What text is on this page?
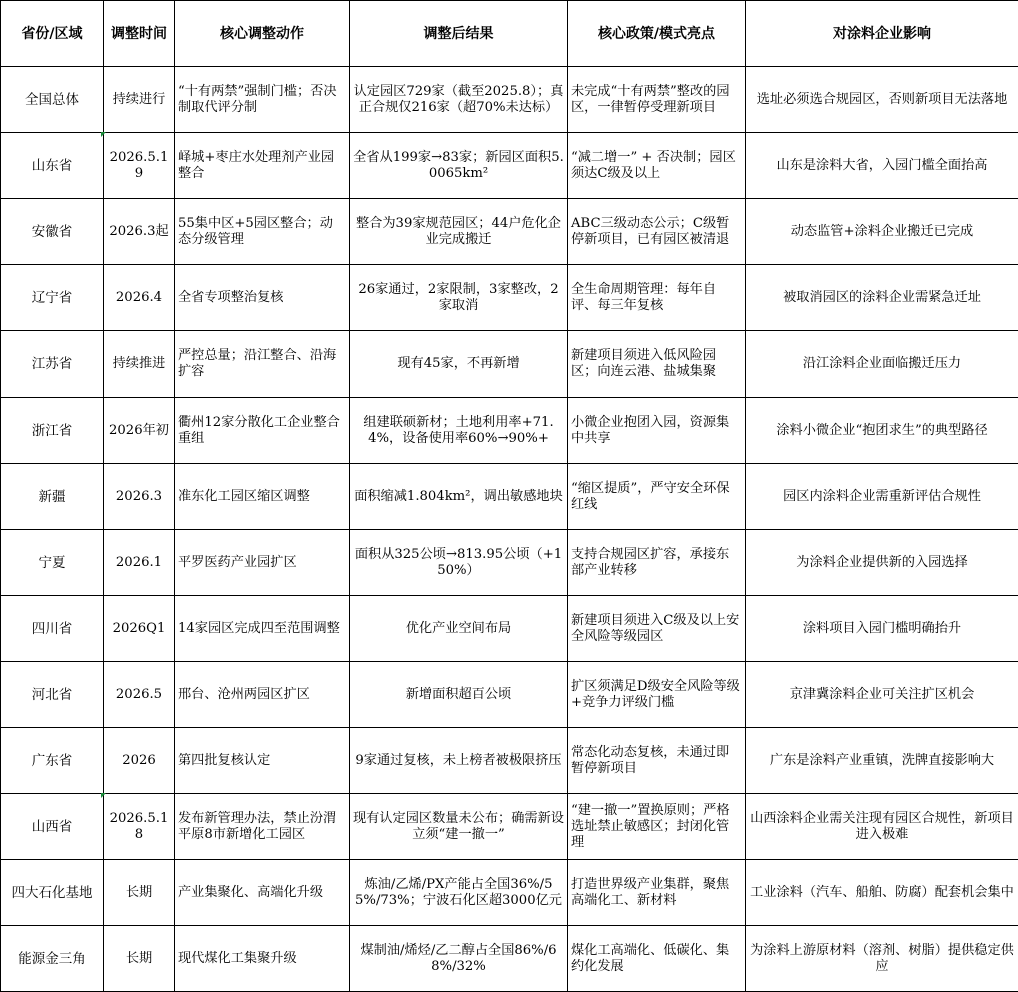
省份/区域	调整时间	核心调整动作	调整后结果	核心政策/模式亮点	对涂料企业影响
全国总体	持续进行	“十有两禁”强制门槛；否决制取代评分制	认定园区729家（截至2025.8）；真正合规仅216家（超70%未达标）	未完成“十有两禁”整改的园区，一律暂停受理新项目	选址必须选合规园区，否则新项目无法落地
山东省	2026.5.19	峄城+枣庄水处理剂产业园整合	全省从199家→83家；新园区面积5.0065km²	“减二增一” + 否决制；园区须达C级及以上	山东是涂料大省，入园门槛全面抬高
安徽省	2026.3起	55集中区+5园区整合；动态分级管理	整合为39家规范园区；44户危化企业完成搬迁	ABC三级动态公示；C级暂停新项目，已有园区被清退	动态监管+涂料企业搬迁已完成
辽宁省	2026.4	全省专项整治复核	26家通过，2家限制，3家整改，2家取消	全生命周期管理：每年自评、每三年复核	被取消园区的涂料企业需紧急迁址
江苏省	持续推进	严控总量；沿江整合、沿海扩容	现有45家，不再新增	新建项目须进入低风险园区；向连云港、盐城集聚	沿江涂料企业面临搬迁压力
浙江省	2026年初	衢州12家分散化工企业整合重组	组建联硕新材；土地利用率+71.4%，设备使用率60%→90%+	小微企业抱团入园，资源集中共享	涂料小微企业“抱团求生”的典型路径
新疆	2026.3	准东化工园区缩区调整	面积缩减1.804km²，调出敏感地块	“缩区提质”，严守安全环保红线	园区内涂料企业需重新评估合规性
宁夏	2026.1	平罗医药产业园扩区	面积从325公顷→813.95公顷（+150%）	支持合规园区扩容，承接东部产业转移	为涂料企业提供新的入园选择
四川省	2026Q1	14家园区完成四至范围调整	优化产业空间布局	新建项目须进入C级及以上安全风险等级园区	涂料项目入园门槛明确抬升
河北省	2026.5	邢台、沧州两园区扩区	新增面积超百公顷	扩区须满足D级安全风险等级+竞争力评级门槛	京津冀涂料企业可关注扩区机会
广东省	2026	第四批复核认定	9家通过复核，未上榜者被极限挤压	常态化动态复核，未通过即暂停新项目	广东是涂料产业重镇，洗牌直接影响大
山西省	2026.5.18	发布新管理办法，禁止汾渭平原8市新增化工园区	现有认定园区数量未公布；确需新设立须“建一撤一”	“建一撤一”置换原则；严格选址禁止敏感区；封闭化管理	山西涂料企业需关注现有园区合规性，新项目进入极难
四大石化基地	长期	产业集聚化、高端化升级	炼油/乙烯/PX产能占全国36%/55%/73%；宁波石化区超3000亿元	打造世界级产业集群，聚焦高端化工、新材料	工业涂料（汽车、船舶、防腐）配套机会集中
能源金三角	长期	现代煤化工集聚升级	煤制油/烯烃/乙二醇占全国86%/68%/32%	煤化工高端化、低碳化、集约化发展	为涂料上游原材料（溶剂、树脂）提供稳定供应
